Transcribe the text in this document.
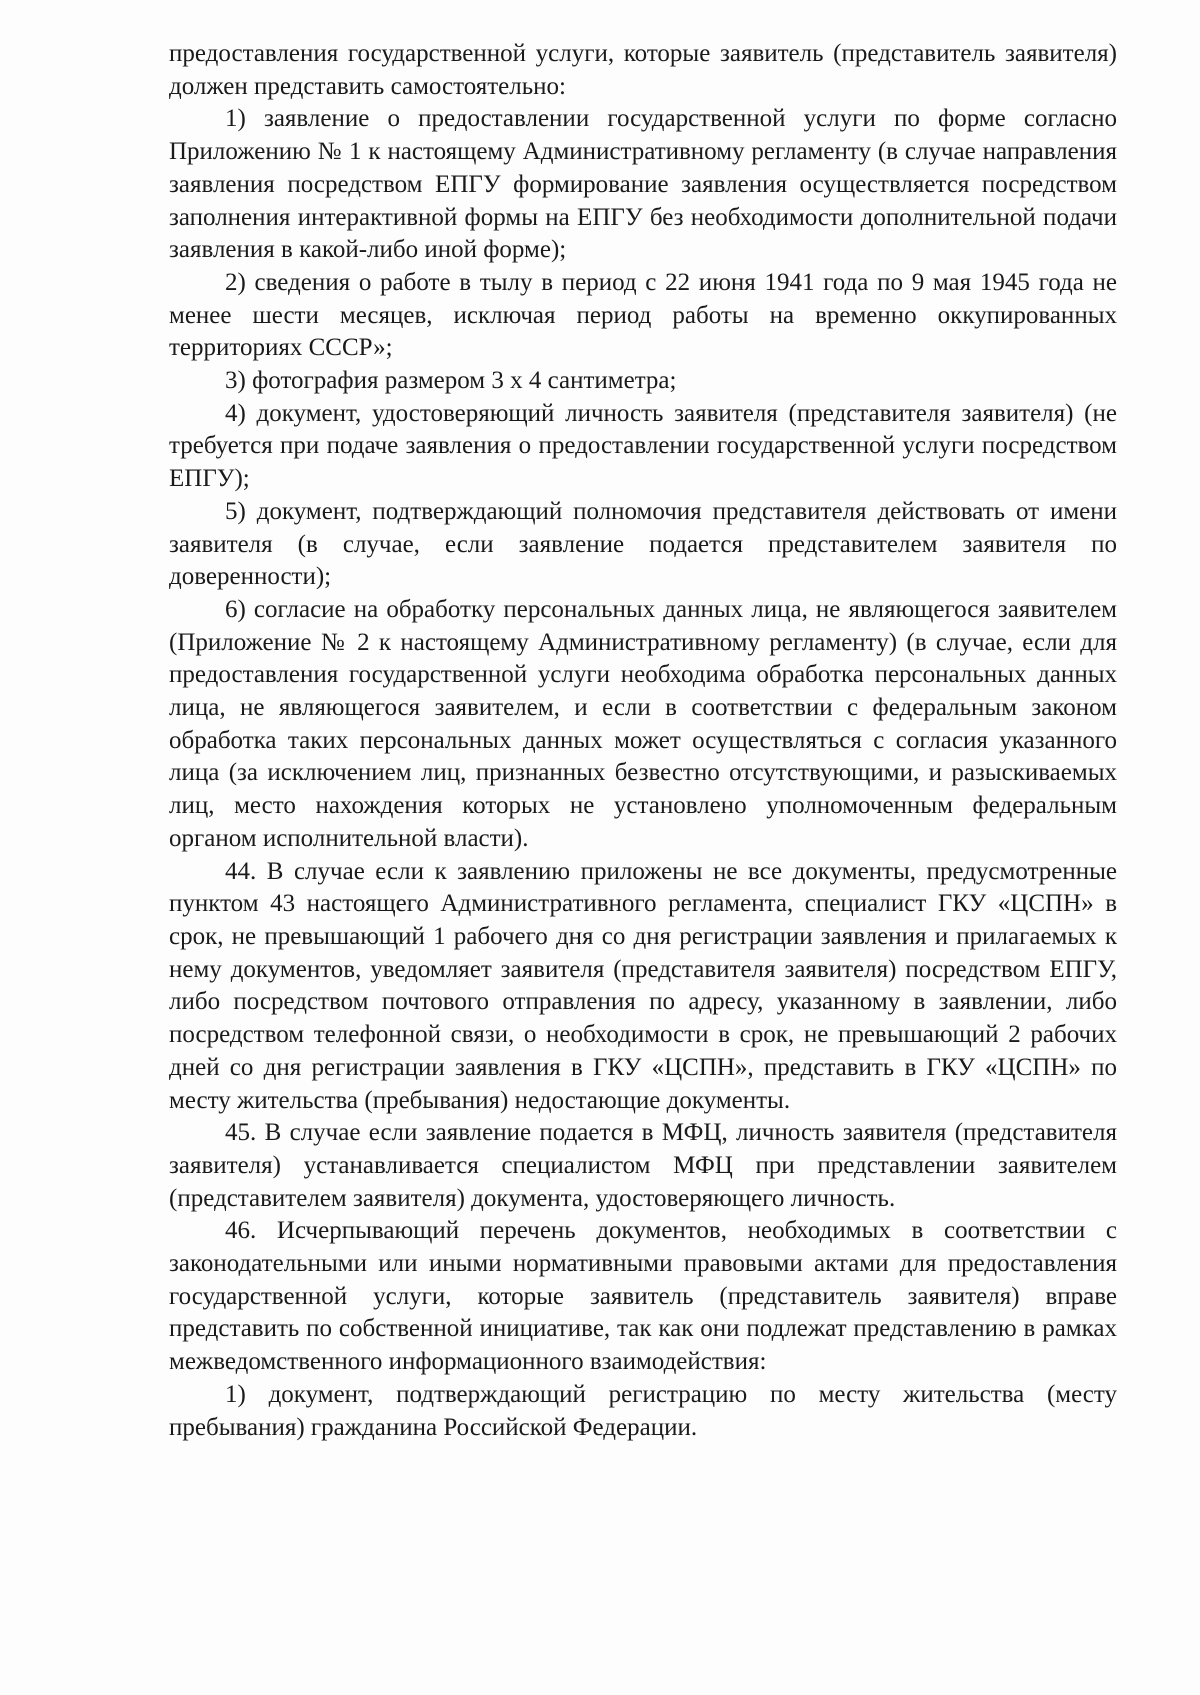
предоставления государственной услуги, которые заявитель (представитель заявителя) должен представить самостоятельно:

1) заявление о предоставлении государственной услуги по форме согласно Приложению № 1 к настоящему Административному регламенту (в случае направления заявления посредством ЕПГУ формирование заявления осуществляется посредством заполнения интерактивной формы на ЕПГУ без необходимости дополнительной подачи заявления в какой-либо иной форме);

2) сведения о работе в тылу в период с 22 июня 1941 года по 9 мая 1945 года не менее шести месяцев, исключая период работы на временно оккупированных территориях СССР»;

3) фотография размером 3 х 4 сантиметра;

4) документ, удостоверяющий личность заявителя (представителя заявителя) (не требуется при подаче заявления о предоставлении государственной услуги посредством ЕПГУ);

5) документ, подтверждающий полномочия представителя действовать от имени заявителя (в случае, если заявление подается представителем заявителя по доверенности);

6) согласие на обработку персональных данных лица, не являющегося заявителем (Приложение № 2 к настоящему Административному регламенту) (в случае, если для предоставления государственной услуги необходима обработка персональных данных лица, не являющегося заявителем, и если в соответствии с федеральным законом обработка таких персональных данных может осуществляться с согласия указанного лица (за исключением лиц, признанных безвестно отсутствующими, и разыскиваемых лиц, место нахождения которых не установлено уполномоченным федеральным органом исполнительной власти).

44. В случае если к заявлению приложены не все документы, предусмотренные пунктом 43 настоящего Административного регламента, специалист ГКУ «ЦСПН» в срок, не превышающий 1 рабочего дня со дня регистрации заявления и прилагаемых к нему документов, уведомляет заявителя (представителя заявителя) посредством ЕПГУ, либо посредством почтового отправления по адресу, указанному в заявлении, либо посредством телефонной связи, о необходимости в срок, не превышающий 2 рабочих дней со дня регистрации заявления в ГКУ «ЦСПН», представить в ГКУ «ЦСПН» по месту жительства (пребывания) недостающие документы.

45. В случае если заявление подается в МФЦ, личность заявителя (представителя заявителя) устанавливается специалистом МФЦ при представлении заявителем (представителем заявителя) документа, удостоверяющего личность.

46. Исчерпывающий перечень документов, необходимых в соответствии с законодательными или иными нормативными правовыми актами для предоставления государственной услуги, которые заявитель (представитель заявителя) вправе представить по собственной инициативе, так как они подлежат представлению в рамках межведомственного информационного взаимодействия:

1) документ, подтверждающий регистрацию по месту жительства (месту пребывания) гражданина Российской Федерации.
